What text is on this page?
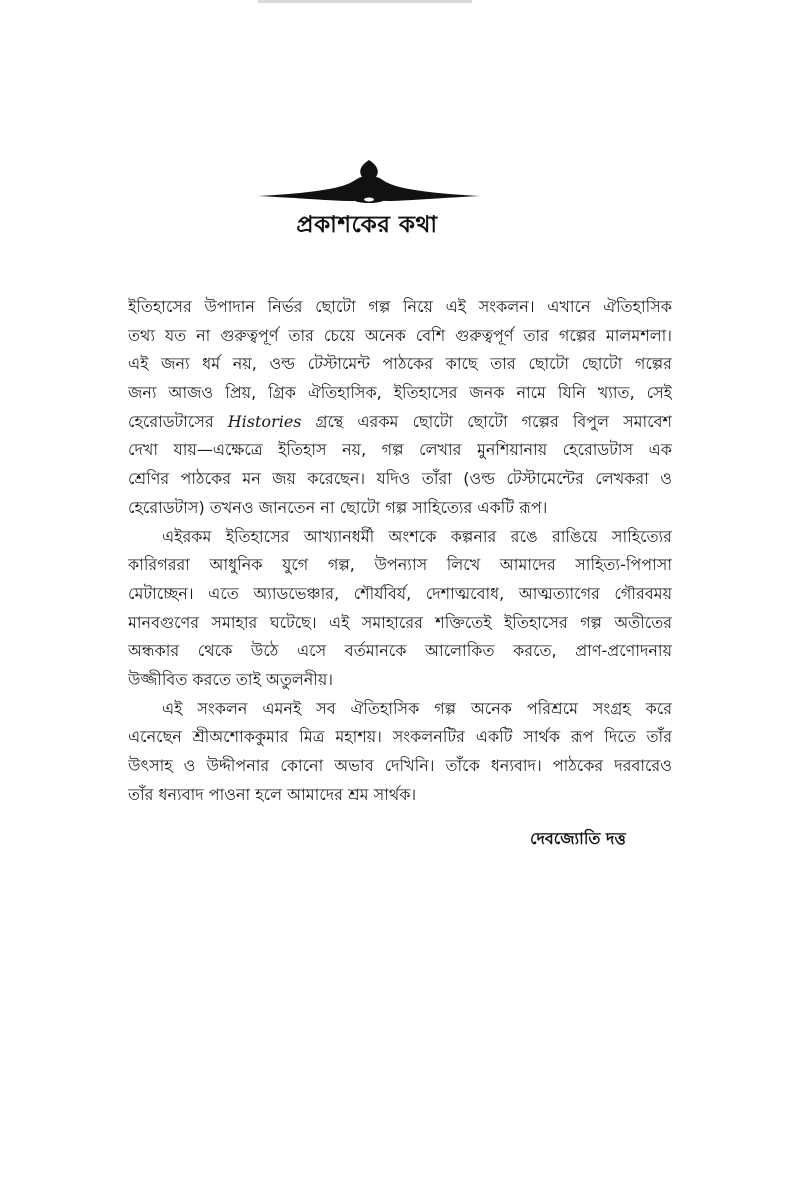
প্রকাশকের কথা
ইতিহাসের উপাদান নির্ভর ছোটো গল্প নিয়ে এই সংকলন। এখানে ঐতিহাসিক
তথ্য যত না গুরুত্বপূর্ণ তার চেয়ে অনেক বেশি গুরুত্বপূর্ণ তার গল্পের মালমশলা।
এই জন্য ধর্ম নয়, ওল্ড টেস্টামেন্ট পাঠকের কাছে তার ছোটো ছোটো গল্পের
জন্য আজও প্রিয়, গ্রিক ঐতিহাসিক, ইতিহাসের জনক নামে যিনি খ্যাত, সেই
হেরোডটাসের Histories গ্রন্থে এরকম ছোটো ছোটো গল্পের বিপুল সমাবেশ
দেখা যায়—এক্ষেত্রে ইতিহাস নয়, গল্প লেখার মুনশিয়ানায় হেরোডটাস এক
শ্রেণির পাঠকের মন জয় করেছেন। যদিও তাঁরা (ওল্ড টেস্টামেন্টের লেখকরা ও
হেরোডটাস) তখনও জানতেন না ছোটো গল্প সাহিত্যের একটি রূপ।
এইরকম ইতিহাসের আখ্যানধর্মী অংশকে কল্পনার রঙে রাঙিয়ে সাহিত্যের
কারিগররা আধুনিক যুগে গল্প, উপন্যাস লিখে আমাদের সাহিত্য-পিপাসা
মেটাচ্ছেন। এতে অ্যাডভেঞ্চার, শৌর্যবির্য, দেশাত্মবোধ, আত্মত্যাগের গৌরবময়
মানবগুণের সমাহার ঘটেছে। এই সমাহারের শক্তিতেই ইতিহাসের গল্প অতীতের
অন্ধকার থেকে উঠে এসে বর্তমানকে আলোকিত করতে, প্রাণ-প্রণোদনায়
উজ্জীবিত করতে তাই অতুলনীয়।
এই সংকলন এমনই সব ঐতিহাসিক গল্প অনেক পরিশ্রমে সংগ্রহ করে
এনেছেন শ্রীঅশোককুমার মিত্র মহাশয়। সংকলনটির একটি সার্থক রূপ দিতে তাঁর
উৎসাহ ও উদ্দীপনার কোনো অভাব দেখিনি। তাঁকে ধন্যবাদ। পাঠকের দরবারেও
তাঁর ধন্যবাদ পাওনা হলে আমাদের শ্রম সার্থক।
দেবজ্যোতি দত্ত
